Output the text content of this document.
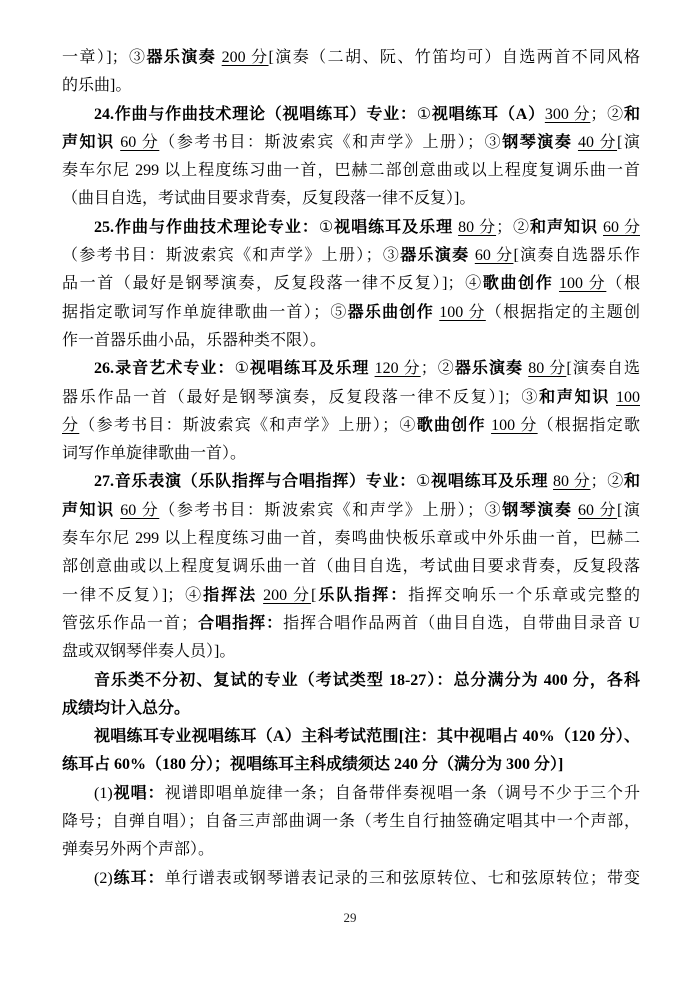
一章）]；③器乐演奏 200 分[演奏（二胡、阮、竹笛均可）自选两首不同风格
的乐曲]。
24.作曲与作曲技术理论（视唱练耳）专业：①视唱练耳（A）300 分；②和
声知识 60 分（参考书目：斯波索宾《和声学》上册）；③钢琴演奏 40 分[演
奏车尔尼 299 以上程度练习曲一首，巴赫二部创意曲或以上程度复调乐曲一首
（曲目自选，考试曲目要求背奏，反复段落一律不反复）]。
25.作曲与作曲技术理论专业：①视唱练耳及乐理 80 分；②和声知识 60 分
（参考书目：斯波索宾《和声学》上册）；③器乐演奏 60 分[演奏自选器乐作
品一首（最好是钢琴演奏，反复段落一律不反复）]；④歌曲创作 100 分（根
据指定歌词写作单旋律歌曲一首）；⑤器乐曲创作 100 分（根据指定的主题创
作一首器乐曲小品，乐器种类不限）。
26.录音艺术专业：①视唱练耳及乐理 120 分；②器乐演奏 80 分[演奏自选
器乐作品一首（最好是钢琴演奏，反复段落一律不反复）]；③和声知识 100
分（参考书目：斯波索宾《和声学》上册）；④歌曲创作 100 分（根据指定歌
词写作单旋律歌曲一首）。
27.音乐表演（乐队指挥与合唱指挥）专业：①视唱练耳及乐理 80 分；②和
声知识 60 分（参考书目：斯波索宾《和声学》上册）；③钢琴演奏 60 分[演
奏车尔尼 299 以上程度练习曲一首，奏鸣曲快板乐章或中外乐曲一首，巴赫二
部创意曲或以上程度复调乐曲一首（曲目自选，考试曲目要求背奏，反复段落
一律不反复）]；④指挥法 200 分[乐队指挥：指挥交响乐一个乐章或完整的
管弦乐作品一首；合唱指挥：指挥合唱作品两首（曲目自选，自带曲目录音 U
盘或双钢琴伴奏人员）]。
音乐类不分初、复试的专业（考试类型 18-27）：总分满分为 400 分，各科
成绩均计入总分。
视唱练耳专业视唱练耳（A）主科考试范围[注：其中视唱占 40%（120 分）、
练耳占 60%（180 分）；视唱练耳主科成绩须达 240 分（满分为 300 分）]
(1)视唱：视谱即唱单旋律一条；自备带伴奏视唱一条（调号不少于三个升
降号；自弹自唱）；自备三声部曲调一条（考生自行抽签确定唱其中一个声部，
弹奏另外两个声部）。
(2)练耳：单行谱表或钢琴谱表记录的三和弦原转位、七和弦原转位；带变
29
